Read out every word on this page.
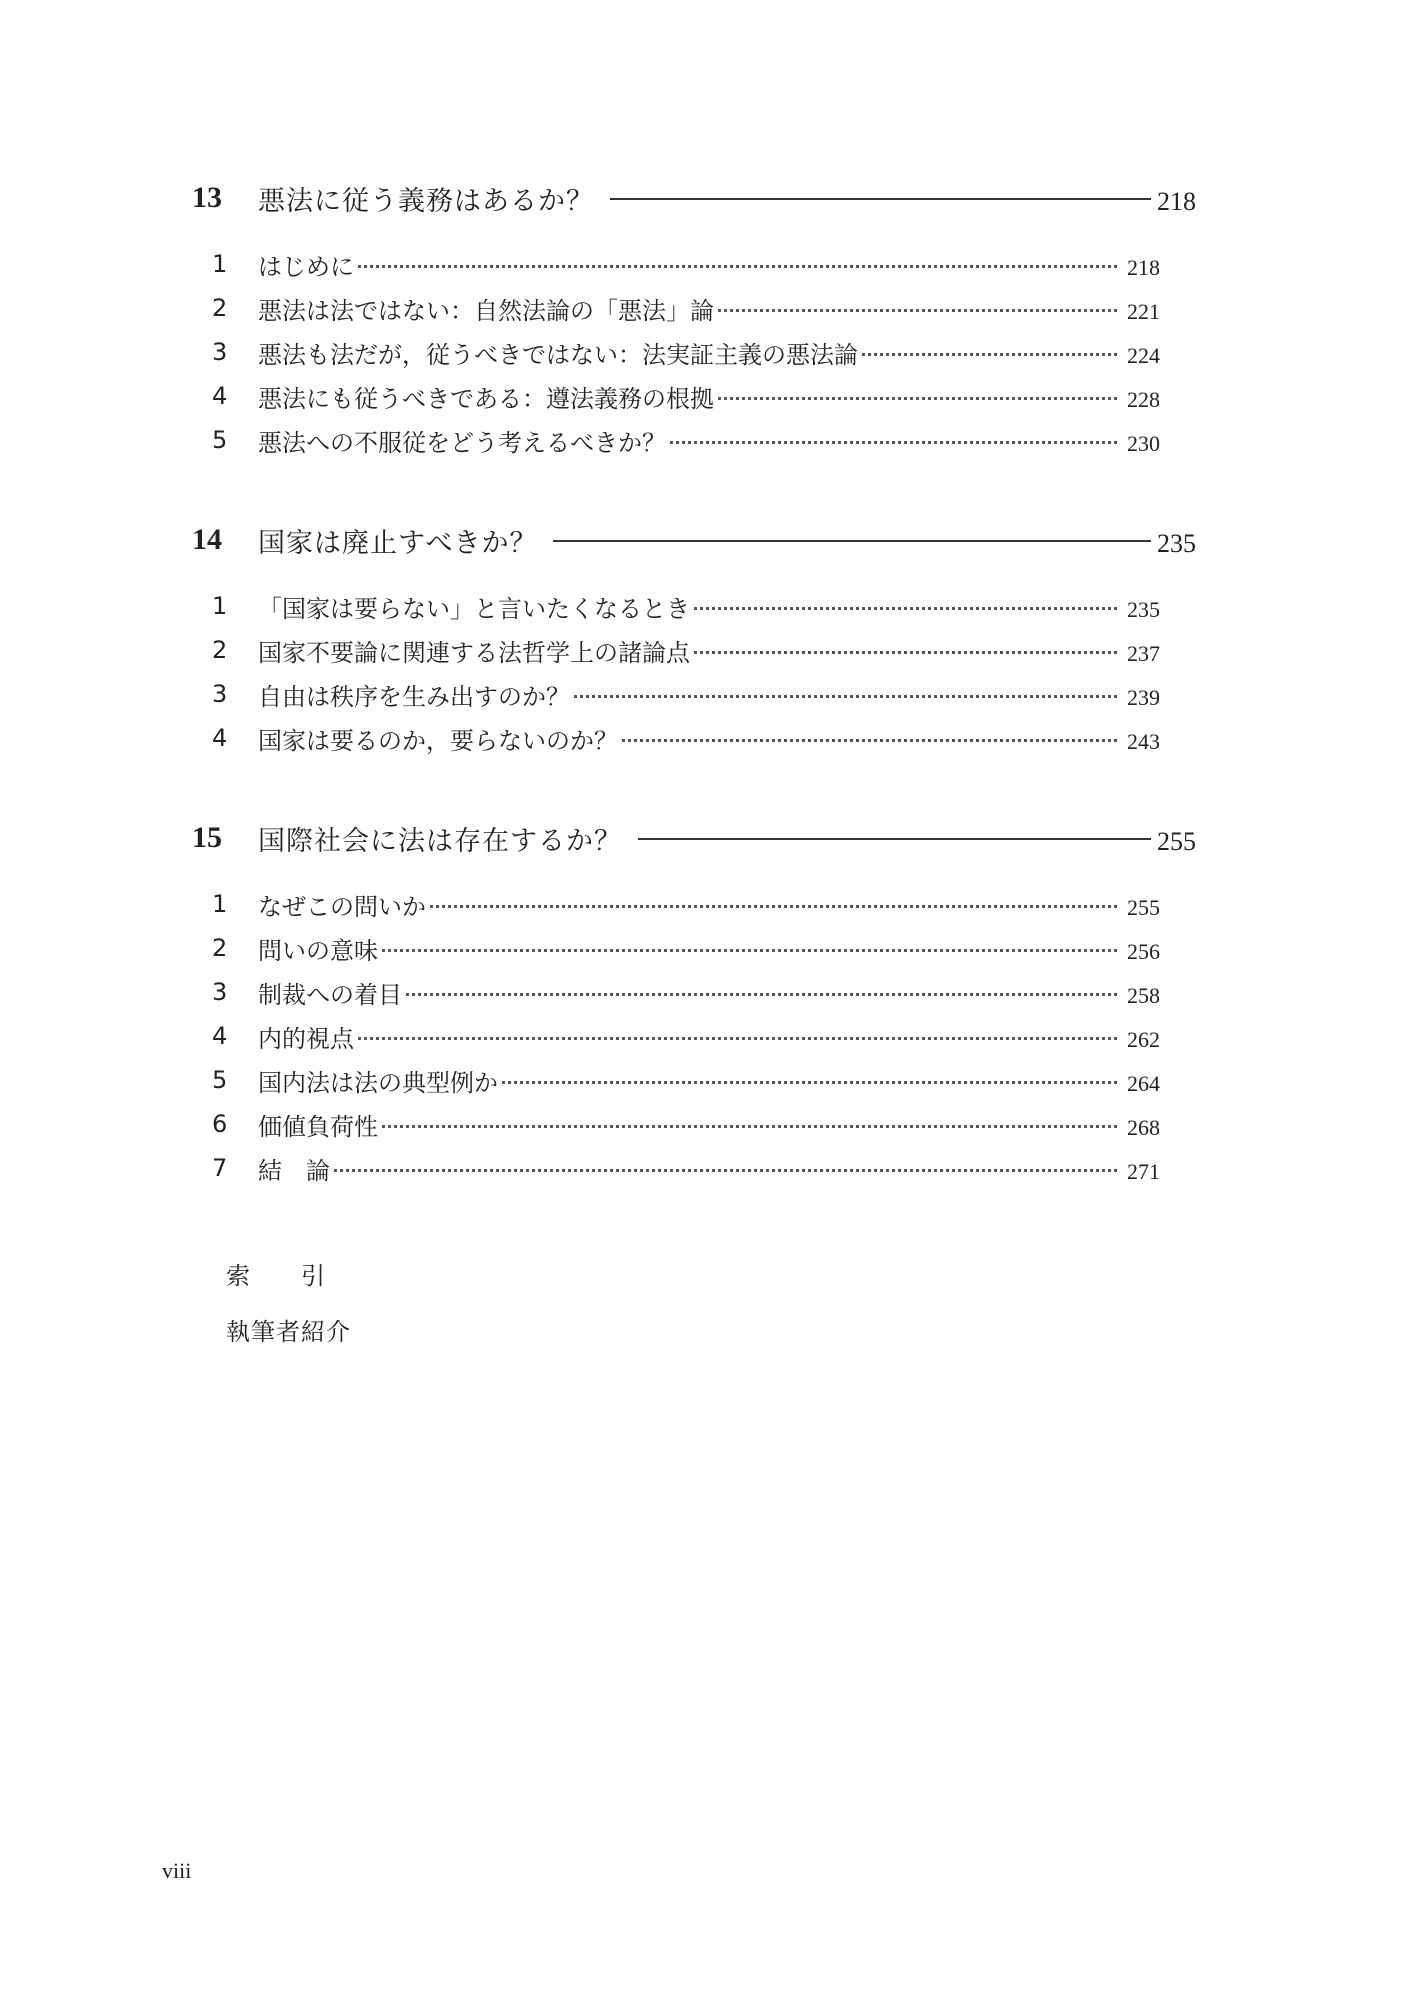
13	悪法に従う義務はあるか？	218
1	はじめに	218
2	悪法は法ではない：自然法論の「悪法」論	221
3	悪法も法だが，従うべきではない：法実証主義の悪法論	224
4	悪法にも従うべきである：遵法義務の根拠	228
5	悪法への不服従をどう考えるべきか？	230
14	国家は廃止すべきか？	235
1	「国家は要らない」と言いたくなるとき	235
2	国家不要論に関連する法哲学上の諸論点	237
3	自由は秩序を生み出すのか？	239
4	国家は要るのか，要らないのか？	243
15	国際社会に法は存在するか？	255
1	なぜこの問いか	255
2	問いの意味	256
3	制裁への着目	258
4	内的視点	262
5	国内法は法の典型例か	264
6	価値負荷性	268
7	結　論	271
索　　引
執筆者紹介
viii
